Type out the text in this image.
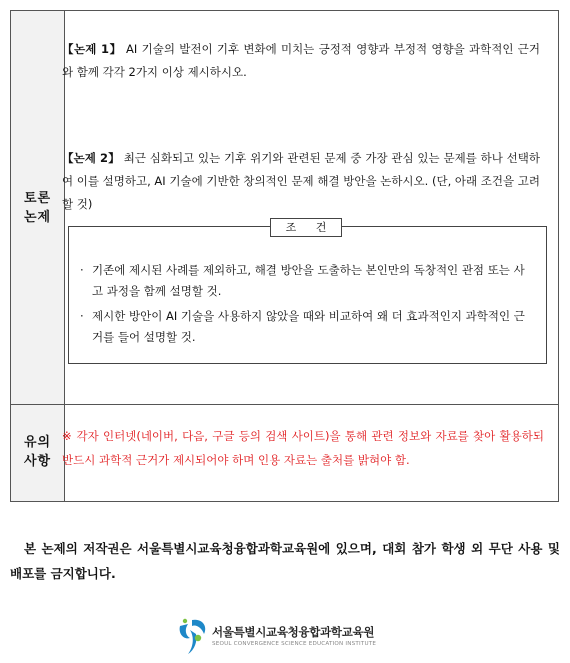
토론
논제
유의
사항
【논제 1】 AI 기술의 발전이 기후 변화에 미치는 긍정적 영향과 부정적 영향을 과학적인 근거와 함께 각각 2가지 이상 제시하시오.
【논제 2】 최근 심화되고 있는 기후 위기와 관련된 문제 중 가장 관심 있는 문제를 하나 선택하여 이를 설명하고, AI 기술에 기반한 창의적인 문제 해결 방안을 논하시오. (단, 아래 조건을 고려할 것)
조 건
· 기존에 제시된 사례를 제외하고, 해결 방안을 도출하는 본인만의 독창적인 관점 또는 사고 과정을 함께 설명할 것.
· 제시한 방안이 AI 기술을 사용하지 않았을 때와 비교하여 왜 더 효과적인지 과학적인 근거를 들어 설명할 것.
※ 각자 인터넷(네이버, 다음, 구글 등의 검색 사이트)을 통해 관련 정보와 자료를 찾아 활용하되 반드시 과학적 근거가 제시되어야 하며 인용 자료는 출처를 밝혀야 함.
본 논제의 저작권은 서울특별시교육청융합과학교육원에 있으며, 대회 참가 학생 외 무단 사용 및 배포를 금지합니다.
서울특별시교육청융합과학교육원
SEOUL CONVERGENCE SCIENCE EDUCATION INSTITUTE
